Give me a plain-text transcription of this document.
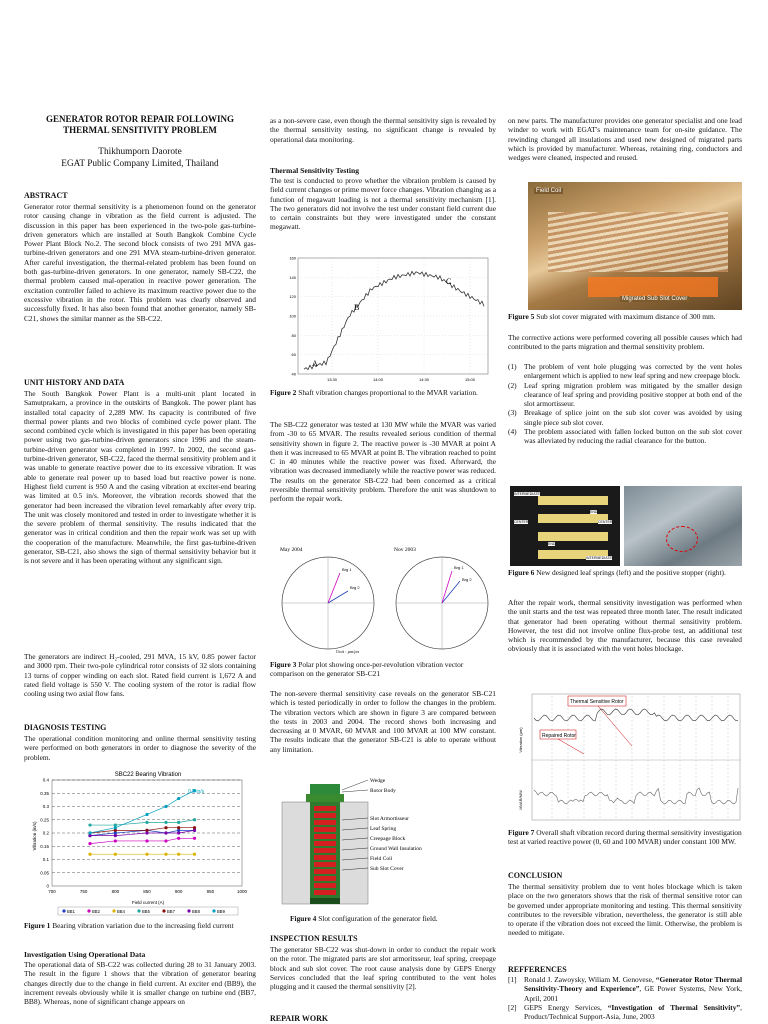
GENERATOR ROTOR REPAIR FOLLOWING THERMAL SENSITIVITY PROBLEM
Thikhumporn Daorote
EGAT Public Company Limited, Thailand
ABSTRACT

Generator rotor thermal sensitivity is a phenomenon found on the generator rotor causing change in vibration as the field current is adjusted. The discussion in this paper has been experienced in the two-pole gas-turbine-driven generators which are installed at South Bangkok Combine Cycle Power Plant Block No.2. The second block consists of two 291 MVA gas-turbine-driven generators and one 291 MVA steam-turbine-driven generator. After careful investigation, the thermal-related problem has been found on both gas-turbine-driven generators. In one generator, namely SB-C22, the thermal problem caused mal-operation in reactive power generation. The excitation controller failed to achieve its maximum reactive power due to the excessive vibration in the rotor. This problem was clearly observed and successfully fixed. It has also been found that another generator, namely SB-C21, shows the similar manner as the SB-C22.

UNIT HISTORY AND DATA

The South Bangkok Power Plant is a multi-unit plant located in Samutprakarn, a province in the outskirts of Bangkok. The power plant has installed total capacity of 2,289 MW. Its capacity is contributed of five thermal power plants and two blocks of combined cycle power plant. The second combined cycle which is investigated in this paper has been operating power using two gas-turbine-driven generators since 1996 and the steam-turbine-driven generator was completed in 1997. In 2002, the second gas-turbine-driven generator, SB-C22, faced the thermal sensitivity problem and it was unable to generate reactive power due to its excessive vibration. It was able to generate real power up to based load but reactive power is none. Highest field current is 950 A and the casing vibration at exciter-end bearing was limited at 0.5 in/s. Moreover, the vibration records showed that the generator had been increased the vibration level remarkably after every trip. The unit was closely monitored and tested in order to investigate whether it is the severe problem of thermal sensitivity. The results indicated that the generator was in critical condition and then the repair work was set up with the cooperation of the manufacture. Meanwhile, the first gas-turbine-driven generator, SB-C21, also shows the sign of thermal sensitivity behavior but it is not severe and it has been operating without any significant sign.

The generators are indirect H₂-cooled, 291 MVA, 15 kV, 0.85 power factor and 3000 rpm. Their two-pole cylindrical rotor consists of 32 slots containing 13 turns of copper winding on each slot. Rated field current is 1,672 A and rated field voltage is 550 V. The cooling system of the rotor is radial flow cooling using two axial flow fans.

DIAGNOSIS TESTING

The operational condition monitoring and online thermal sensitivity testing were performed on both generators in order to diagnose the severity of the problem.

SBC22 Bearing Vibration
Vibration (in/s)
Field current (A)
0.4
0.35
0.3
0.25
0.2
0.15
0.1
0.05
0
700	750	800	850	900	950	1000
0.5 in/s
BB1	BB2	BB4	BB5	BB7	BB8	BB9
Figure 1 Bearing vibration variation due to the increasing field current
Investigation Using Operational Data

The operational data of SB-C22 was collected during 28 to 31 January 2003. The result in the figure 1 shows that the vibration of generator bearing changes directly due to the change in field current. At exciter end (BB9), the increment reveals obviously while it is smaller change on turbine end (BB7, BB8). Whereas, none of significant change appears on

as a non-severe case, even though the thermal sensitivity sign is revealed by the thermal sensitivity testing, no significant change is revealed by operational data monitoring.

Thermal Sensitivity Testing

The test is conducted to prove whether the vibration problem is caused by field current changes or prime mover force changes. Vibration changing as a function of megawatt loading is not a thermal sensitivity mechanism [1]. The two generators did not involve the test under constant field current due to certain constraints but they were investigated under the constant megawatt.

160
140
120
100
80
60
40
13:30	14:00	14:30	15:00
A
B
C
Figure 2 Shaft vibration changes proportional to the MVAR variation.

The SB-C22 generator was tested at 130 MW while the MVAR was varied from -30 to 65 MVAR. The results revealed serious condition of thermal sensitivity shown in figure 2. The reactive power is -30 MVAR at point A then it was increased to 65 MVAR at point B. The vibration reached to point C in 40 minutes while the reactive power was fixed. Afterward, the vibration was decreased immediately while the reactive power was reduced. The results on the generator SB-C22 had been concerned as a critical reversible thermal sensitivity problem. Therefore the unit was shutdown to perform the repair work.

May 2004	Nov 2003
Brg 1
Brg 2
Brg 1
Brg 2
Unit : μm/ρπ
Figure 3 Polar plot showing once-per-revolution vibration vector comparison on the generator SB-C21

The non-severe thermal sensitivity case reveals on the generator SB-C21 which is tested periodically in order to follow the changes in the problem. The vibration vectors which are shown in figure 3 are compared between the tests in 2003 and 2004. The record shows both increasing and decreasing at 0 MVAR, 60 MVAR and 100 MVAR at 100 MW constant. The results indicate that the generator SB-C21 is able to operate without any limitation.

Wedge
Rotor Body
Slot Armortisseur
Leaf Spring
Creepage Block
Ground Wall Insulation
Field Coil
Sub Slot Cover
Figure 4 Slot configuration of the generator field.
INSPECTION RESULTS

The generator SB-C22 was shut-down in order to conduct the repair work on the rotor. The migrated parts are slot armoritsseur, leaf spring, creepage block and sub slot cover. The root cause analysis done by GEPS Energy Services concluded that the leaf spring contributed to the vent holes plugging and it caused the thermal sensitivity [2].

REPAIR WORK

on new parts. The manufacturer provides one generator specialist and one lead winder to work with EGAT's maintenance team for on-site guidance. The rewinding changed all insulations and used new designed of migrated parts which is provided by manufacturer. Whereas, retaining ring, conductors and wedges were cleaned, inspected and reused.

Field Coil
Migrated Sub Slot Cover
Figure 5 Sub slot cover migrated with maximum distance of 300 mm.

The corrective actions were performed covering all possible causes which had contributed to the parts migration and thermal sensitivity problem.

(1) The problem of vent hole plugging was corrected by the vent holes enlargement which is applied to new leaf spring and new creepage block.
(2) Leaf spring migration problem was mitigated by the smaller design clearance of leaf spring and providing positive stopper at both end of the slot armortisseur.
(3) Breakage of splice joint on the sub slot cover was avoided by using single piece sub slot cover.
(4) The problem associated with fallen locked button on the sub slot cover was alleviated by reducing the radial clearance for the button.
INTERMEDIATE
END
CENTER	CENTER
END
INTERMEDIATE
Figure 6 New designed leaf springs (left) and the positive stopper (right).

After the repair work, thermal sensitivity investigation was performed when the unit starts and the test was repeated three month later. The result indicated that generator had been operating without thermal sensitivity problem. However, the test did not involve online flux-probe test, an additional test which is recommended by the manufacturer, because this case revealed obviously that it is associated with the vent holes blockage.

Thermal Sensitive Rotor
Repaired Rotor
Vibration (μm)
MVAR/MW
Figure 7 Overall shaft vibration record during thermal sensitivity investigation test at varied reactive power (0, 60 and 100 MVAR) under constant 100 MW.
CONCLUSION

The thermal sensitivity problem due to vent holes blockage which is taken place on the two generators shows that the risk of thermal sensitive rotor can be governed under appropriate monitoring and testing. This thermal sensitivity contributes to the reversible vibration, nevertheless, the generator is still able to operate if the vibration does not exceed the limit. Otherwise, the problem is needed to mitigate.

REFFERENCES
[1] Ronald J. Zawoysky, Wiliam M. Genovese, “Generator Rotor Thermal Sensitivity-Theory and Experience”, GE Power Systems, New York, April, 2001
[2] GEPS Energy Services, “Investigation of Thermal Sensitivity”, Product/Technical Support-Asia, June, 2003
